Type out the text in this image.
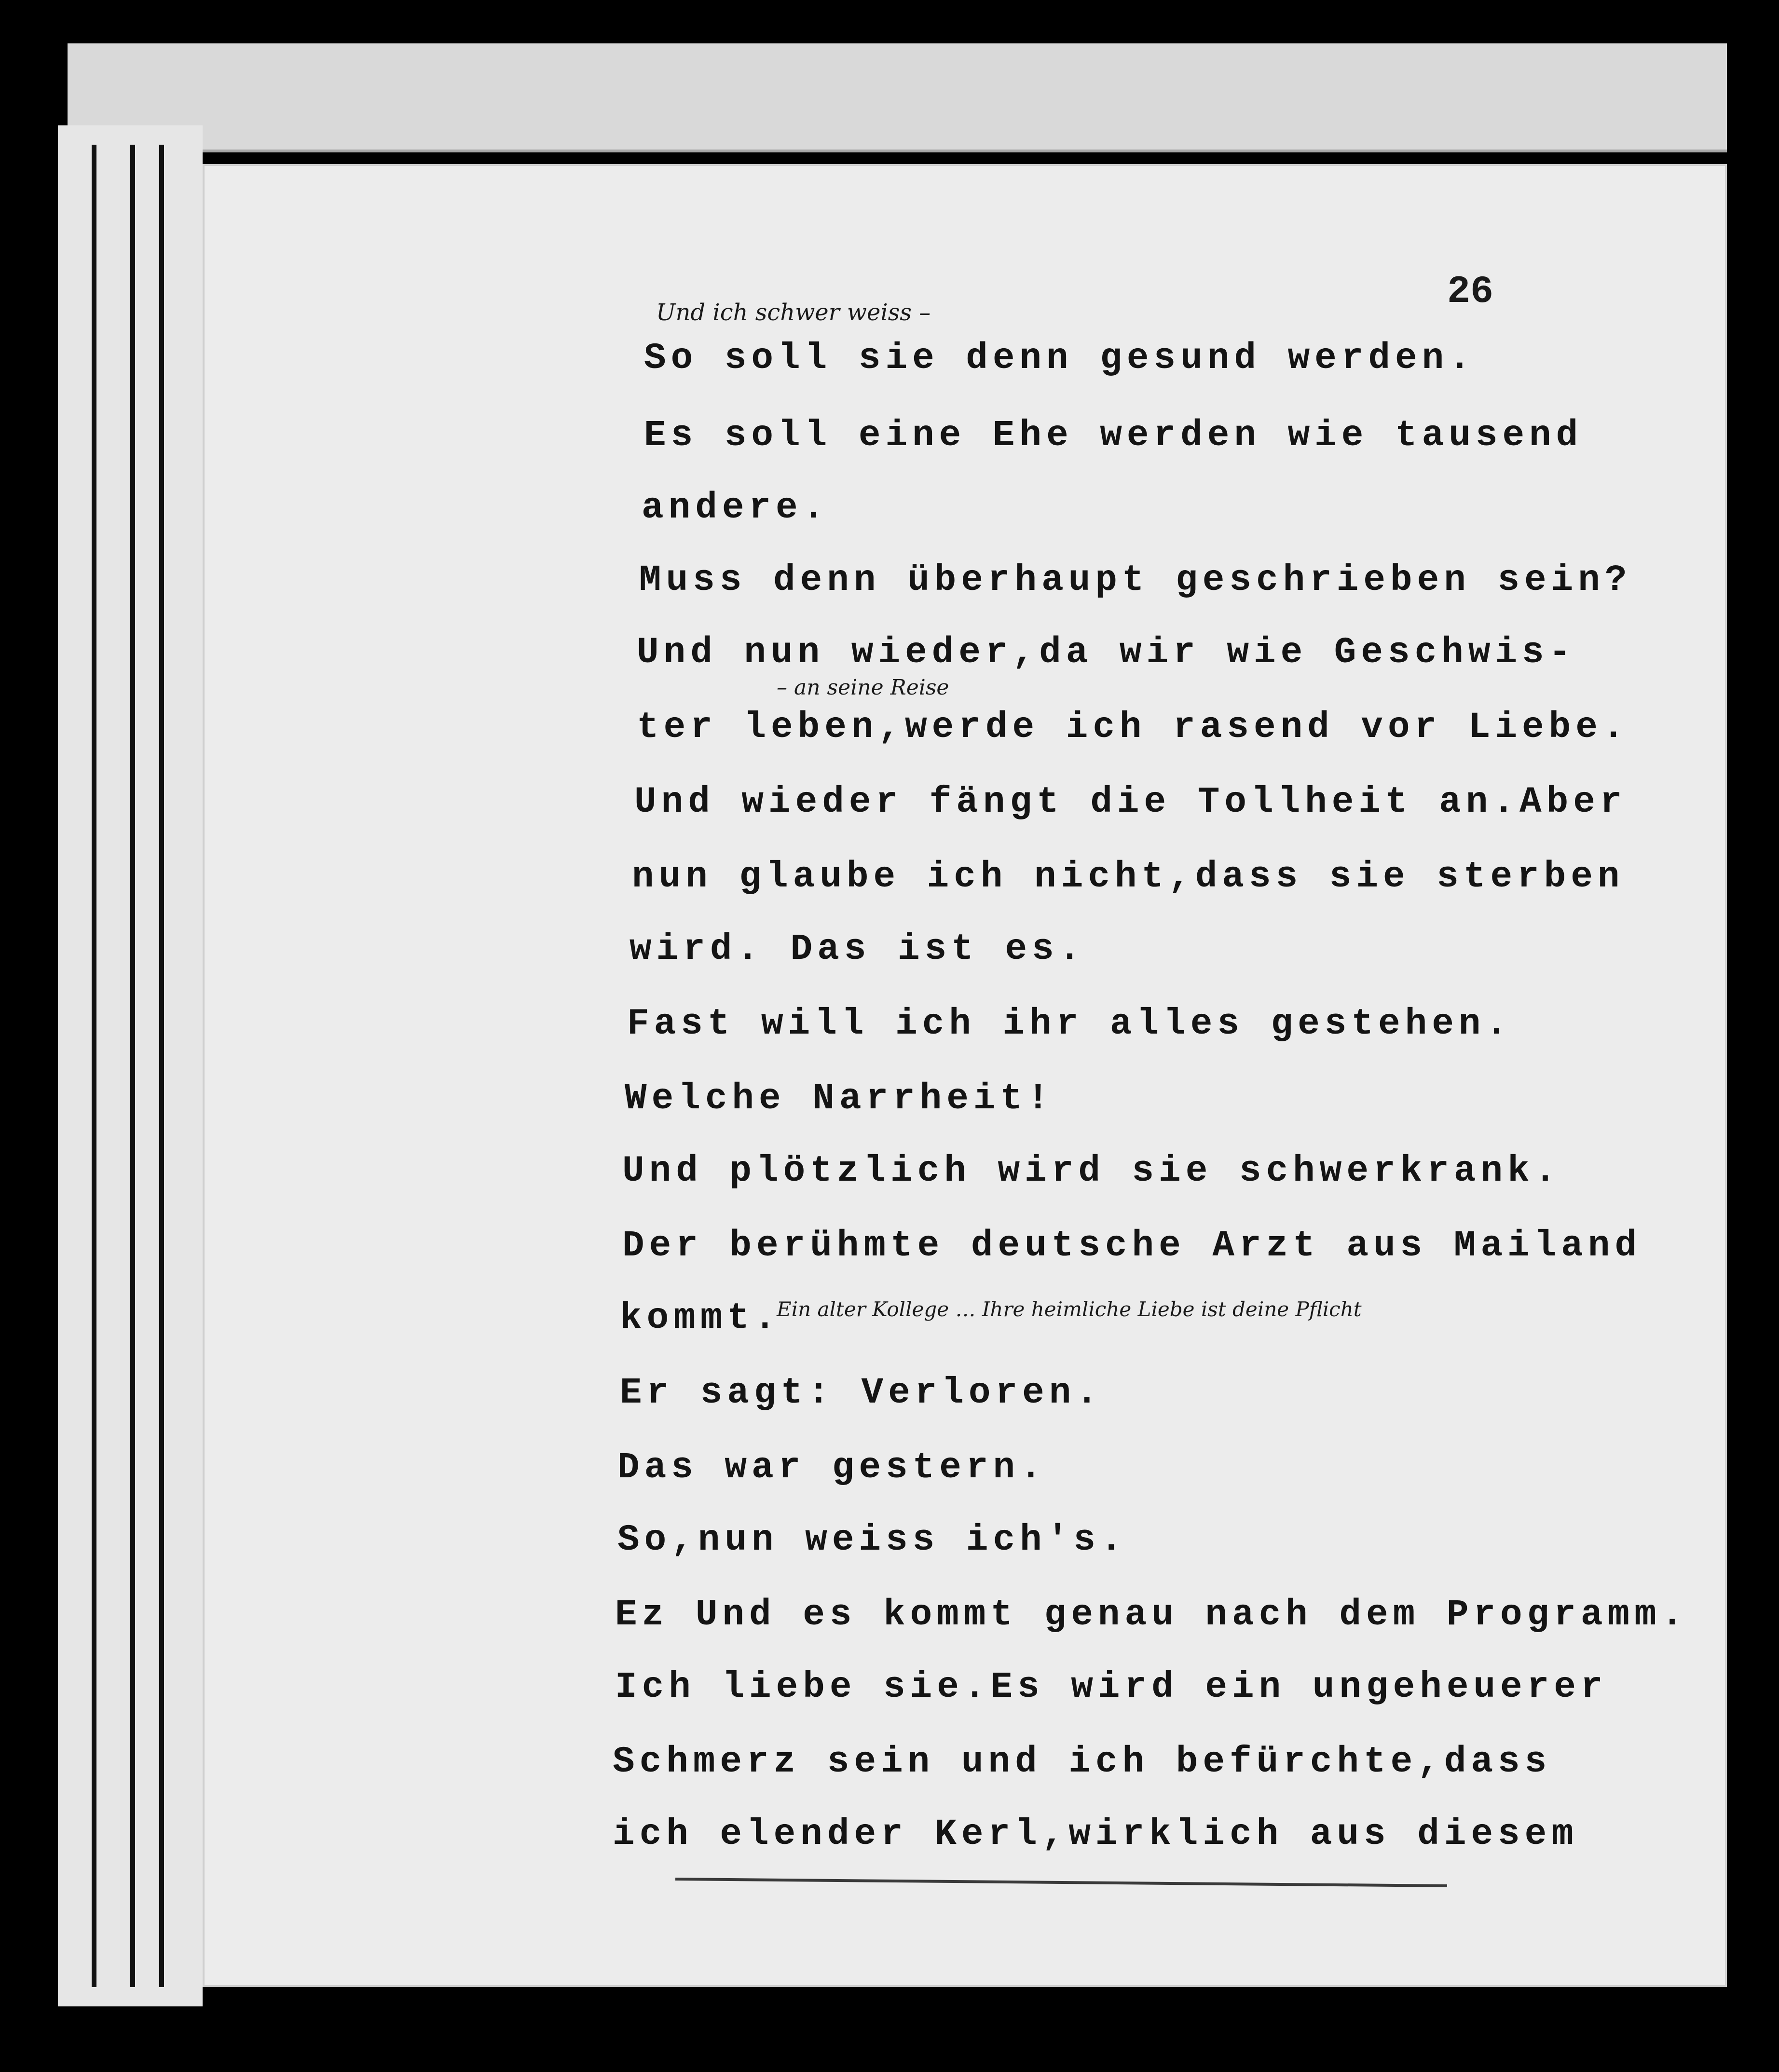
26
Und ich schwer weiss –
So soll sie denn gesund werden.
Es soll eine Ehe werden wie tausend
andere.
Muss denn überhaupt geschrieben sein?
Und nun wieder,da wir wie Geschwis-
– an seine Reise
ter leben,werde ich rasend vor Liebe.
Und wieder fängt die Tollheit an.Aber
nun glaube ich nicht,dass sie sterben
wird. Das ist es.
Fast will ich ihr alles gestehen.
Welche Narrheit!
Und plötzlich wird sie schwerkrank.
Der berühmte deutsche Arzt aus Mailand
kommt.
Ein alter Kollege … Ihre heimliche Liebe ist deine Pflicht
Er sagt: Verloren.
Das war gestern.
So,nun weiss ich's.
Ez Und es kommt genau nach dem Programm.
Ich liebe sie.Es wird ein ungeheuerer
Schmerz sein und ich befürchte,dass
ich elender Kerl,wirklich aus diesem
